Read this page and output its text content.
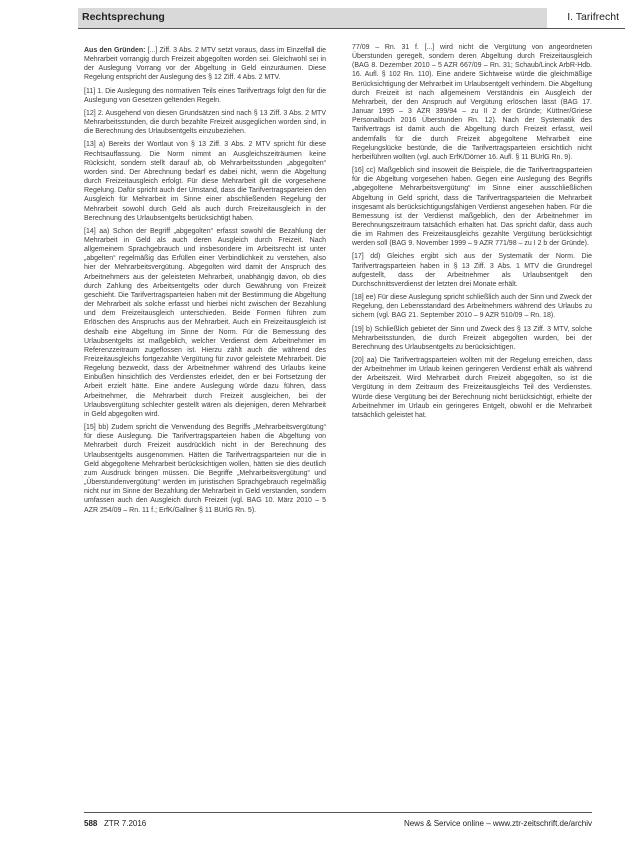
Rechtsprechung	I. Tarifrecht
Aus den Gründen: [...] Ziff. 3 Abs. 2 MTV setzt voraus, dass im Einzelfall die Mehrarbeit vorrangig durch Freizeit abgegolten worden sei. Gleichwohl sei in der Auslegung Vorrang vor der Abgeltung in Geld einzuräumen. Diese Regelung entspricht der Auslegung des § 12 Ziff. 4 Abs. 2 MTV.
[11] 1. Die Auslegung des normativen Teils eines Tarifvertrags folgt den für die Auslegung von Gesetzen geltenden Regeln.
[12] 2. Ausgehend von diesen Grundsätzen sind nach § 13 Ziff. 3 Abs. 2 MTV Mehrarbeitsstunden, die durch bezahlte Freizeit ausgeglichen worden sind, in die Berechnung des Urlaubsentgelts einzubeziehen.
[13] a) Bereits der Wortlaut von § 13 Ziff. 3 Abs. 2 MTV spricht für diese Rechtsauffassung. Die Norm nimmt an Ausgleichszeiträumen keine Rücksicht, sondern stellt darauf ab, ob Mehrarbeitsstunden „abgegolten“ worden sind. Der Abrechnung bedarf es dabei nicht, wenn die Abgeltung durch Freizeitausgleich erfolgt. Für diese Mehrarbeit gilt die vorgesehene Regelung. Dafür spricht auch der Umstand, dass die Tarifvertragsparteien den Ausgleich für Mehrarbeit im Sinne einer abschließenden Regelung der Mehrarbeit sowohl durch Geld als auch durch Freizeitausgleich in der Berechnung des Urlaubsentgelts berücksichtigt haben.
[14] aa) Schon der Begriff „abgegolten“ erfasst sowohl die Bezahlung der Mehrarbeit in Geld als auch deren Ausgleich durch Freizeit. Nach allgemeinem Sprachgebrauch und insbesondere im Arbeitsrecht ist unter „abgelten“ regelmäßig das Erfüllen einer Verbindlichkeit zu verstehen, also hier der Mehrarbeitsvergütung. Abgegolten wird damit der Anspruch des Arbeitnehmers aus der geleisteten Mehrarbeit, unabhängig davon, ob dies durch Zahlung des Arbeitsentgelts oder durch Gewährung von Freizeit geschieht. Die Tarifvertragsparteien haben mit der Bestimmung die Abgeltung der Mehrarbeit als solche erfasst und hierbei nicht zwischen der Bezahlung und dem Freizeitausgleich unterschieden. Beide Formen führen zum Erlöschen des Anspruchs aus der Mehrarbeit. Auch ein Freizeitausgleich ist deshalb eine Abgeltung im Sinne der Norm. Für die Bemessung des Urlaubsentgelts ist maßgeblich, welcher Verdienst dem Arbeitnehmer im Referenzzeitraum zugeflossen ist. Hierzu zählt auch die während des Freizeitausgleichs fortgezahlte Vergütung für zuvor geleistete Mehrarbeit. Die Regelung bezweckt, dass der Arbeitnehmer während des Urlaubs keine Einbußen hinsichtlich des Verdienstes erleidet, den er bei Fortsetzung der Arbeit erzielt hätte. Eine andere Auslegung würde dazu führen, dass Arbeitnehmer, die Mehrarbeit durch Freizeit ausgleichen, bei der Urlaubsvergütung schlechter gestellt wären als diejenigen, deren Mehrarbeit in Geld abgegolten wird.
[15] bb) Zudem spricht die Verwendung des Begriffs „Mehrarbeitsvergütung“ für diese Auslegung. Die Tarifvertragsparteien haben die Abgeltung von Mehrarbeit durch Freizeit ausdrücklich nicht in der Berechnung des Urlaubsentgelts ausgenommen. Hätten die Tarifvertragsparteien nur die in Geld abgegoltene Mehrarbeit berücksichtigen wollen, hätten sie dies deutlich zum Ausdruck bringen müssen. Die Begriffe „Mehrarbeitsvergütung“ und „Überstundenvergütung“ werden im juristischen Sprachgebrauch regelmäßig nicht nur im Sinne der Bezahlung der Mehrarbeit in Geld verstanden, sondern umfassen auch den Ausgleich durch Freizeit (vgl. BAG 10. März 2010 – 5 AZR 254/09 – Rn. 11 f.; ErfK/Gallner § 11 BUrlG Rn. 5).
77/09 – Rn. 31 f. [...] wird nicht die Vergütung von angeordneten Überstunden geregelt, sondern deren Abgeltung durch Freizeitausgleich (BAG 8. Dezember 2010 – 5 AZR 667/09 – Rn. 31; Schaub/Linck ArbR-Hdb. 16. Aufl. § 102 Rn. 110). Eine andere Sichtweise würde die gleichmäßige Berücksichtigung der Mehrarbeit im Urlaubsentgelt verhindern. Die Abgeltung durch Freizeit ist nach allgemeinem Verständnis ein Ausgleich der Mehrarbeit, der den Anspruch auf Vergütung erlöschen lässt (BAG 17. Januar 1995 – 3 AZR 399/94 – zu II 2 der Gründe; Küttner/Griese Personalbuch 2016 Überstunden Rn. 12). Nach der Systematik des Tarifvertrags ist damit auch die Abgeltung durch Freizeit erfasst, weil andernfalls für die durch Freizeit abgegoltene Mehrarbeit eine Regelungslücke bestünde, die die Tarifvertragsparteien ersichtlich nicht herbeiführen wollten (vgl. auch ErfK/Dörner 16. Aufl. § 11 BUrlG Rn. 9).
[16] cc) Maßgeblich sind insoweit die Beispiele, die die Tarifvertragsparteien für die Abgeltung vorgesehen haben. Gegen eine Auslegung des Begriffs „abgegoltene Mehrarbeitsvergütung“ im Sinne einer ausschließlichen Abgeltung in Geld spricht, dass die Tarifvertragsparteien die Mehrarbeit insgesamt als berücksichtigungsfähigen Verdienst angesehen haben. Für die Bemessung ist der Verdienst maßgeblich, den der Arbeitnehmer im Berechnungszeitraum tatsächlich erhalten hat. Das spricht dafür, dass auch die im Rahmen des Freizeitausgleichs gezahlte Vergütung berücksichtigt werden soll (BAG 9. November 1999 – 9 AZR 771/98 – zu I 2 b der Gründe).
[17] dd) Gleiches ergibt sich aus der Systematik der Norm. Die Tarifvertragsparteien haben in § 13 Ziff. 3 Abs. 1 MTV die Grundregel aufgestellt, dass der Arbeitnehmer als Urlaubsentgelt den Durchschnittsverdienst der letzten drei Monate erhält.
[18] ee) Für diese Auslegung spricht schließlich auch der Sinn und Zweck der Regelung, den Lebensstandard des Arbeitnehmers während des Urlaubs zu sichern (vgl. BAG 21. September 2010 – 9 AZR 510/09 – Rn. 18).
[19] b) Schließlich gebietet der Sinn und Zweck des § 13 Ziff. 3 MTV, solche Mehrarbeitsstunden, die durch Freizeit abgegolten wurden, bei der Berechnung des Urlaubsentgelts zu berücksichtigen.
[20] aa) Die Tarifvertragsparteien wollten mit der Regelung erreichen, dass der Arbeitnehmer im Urlaub keinen geringeren Verdienst erhält als während der Arbeitszeit. Wird Mehrarbeit durch Freizeit abgegolten, so ist die Vergütung in dem Zeitraum des Freizeitausgleichs Teil des Verdienstes. Würde diese Vergütung bei der Berechnung nicht berücksichtigt, erhielte der Arbeitnehmer im Urlaub ein geringeres Entgelt, obwohl er die Mehrarbeit tatsächlich geleistet hat.
588 ZTR 7.2016	News & Service online – www.ztr-zeitschrift.de/archiv
